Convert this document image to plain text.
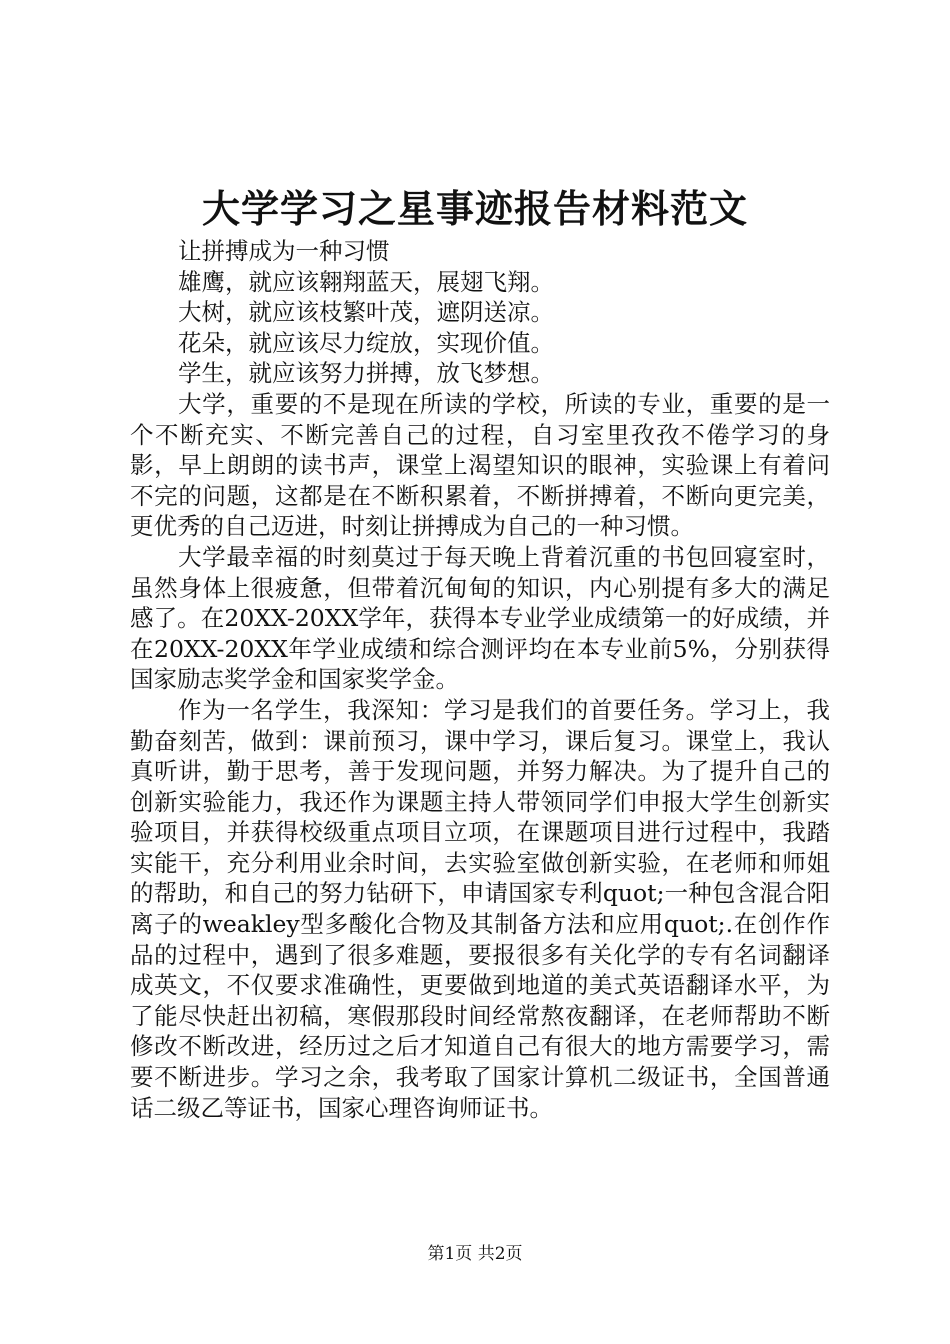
大学学习之星事迹报告材料范文

让拼搏成为一种习惯

雄鹰，就应该翱翔蓝天，展翅飞翔。

大树，就应该枝繁叶茂，遮阴送凉。

花朵，就应该尽力绽放，实现价值。

学生，就应该努力拼搏，放飞梦想。

大学，重要的不是现在所读的学校，所读的专业，重要的是一个不断充实、不断完善自己的过程，自习室里孜孜不倦学习的身影，早上朗朗的读书声，课堂上渴望知识的眼神，实验课上有着问不完的问题，这都是在不断积累着，不断拼搏着，不断向更完美，更优秀的自己迈进，时刻让拼搏成为自己的一种习惯。

大学最幸福的时刻莫过于每天晚上背着沉重的书包回寝室时，虽然身体上很疲惫，但带着沉甸甸的知识，内心别提有多大的满足感了。在20XX-20XX学年，获得本专业学业成绩第一的好成绩，并在20XX-20XX年学业成绩和综合测评均在本专业前5%，分别获得国家励志奖学金和国家奖学金。

作为一名学生，我深知：学习是我们的首要任务。学习上，我勤奋刻苦，做到：课前预习，课中学习，课后复习。课堂上，我认真听讲，勤于思考，善于发现问题，并努力解决。为了提升自己的创新实验能力，我还作为课题主持人带领同学们申报大学生创新实验项目，并获得校级重点项目立项，在课题项目进行过程中，我踏实能干，充分利用业余时间，去实验室做创新实验，在老师和师姐的帮助，和自己的努力钻研下，申请国家专利quot;一种包含混合阳离子的weakley型多酸化合物及其制备方法和应用quot;.在创作作品的过程中，遇到了很多难题，要报很多有关化学的专有名词翻译成英文，不仅要求准确性，更要做到地道的美式英语翻译水平，为了能尽快赶出初稿，寒假那段时间经常熬夜翻译，在老师帮助不断修改不断改进，经历过之后才知道自己有很大的地方需要学习，需要不断进步。学习之余，我考取了国家计算机二级证书，全国普通话二级乙等证书，国家心理咨询师证书。

第1页 共2页
